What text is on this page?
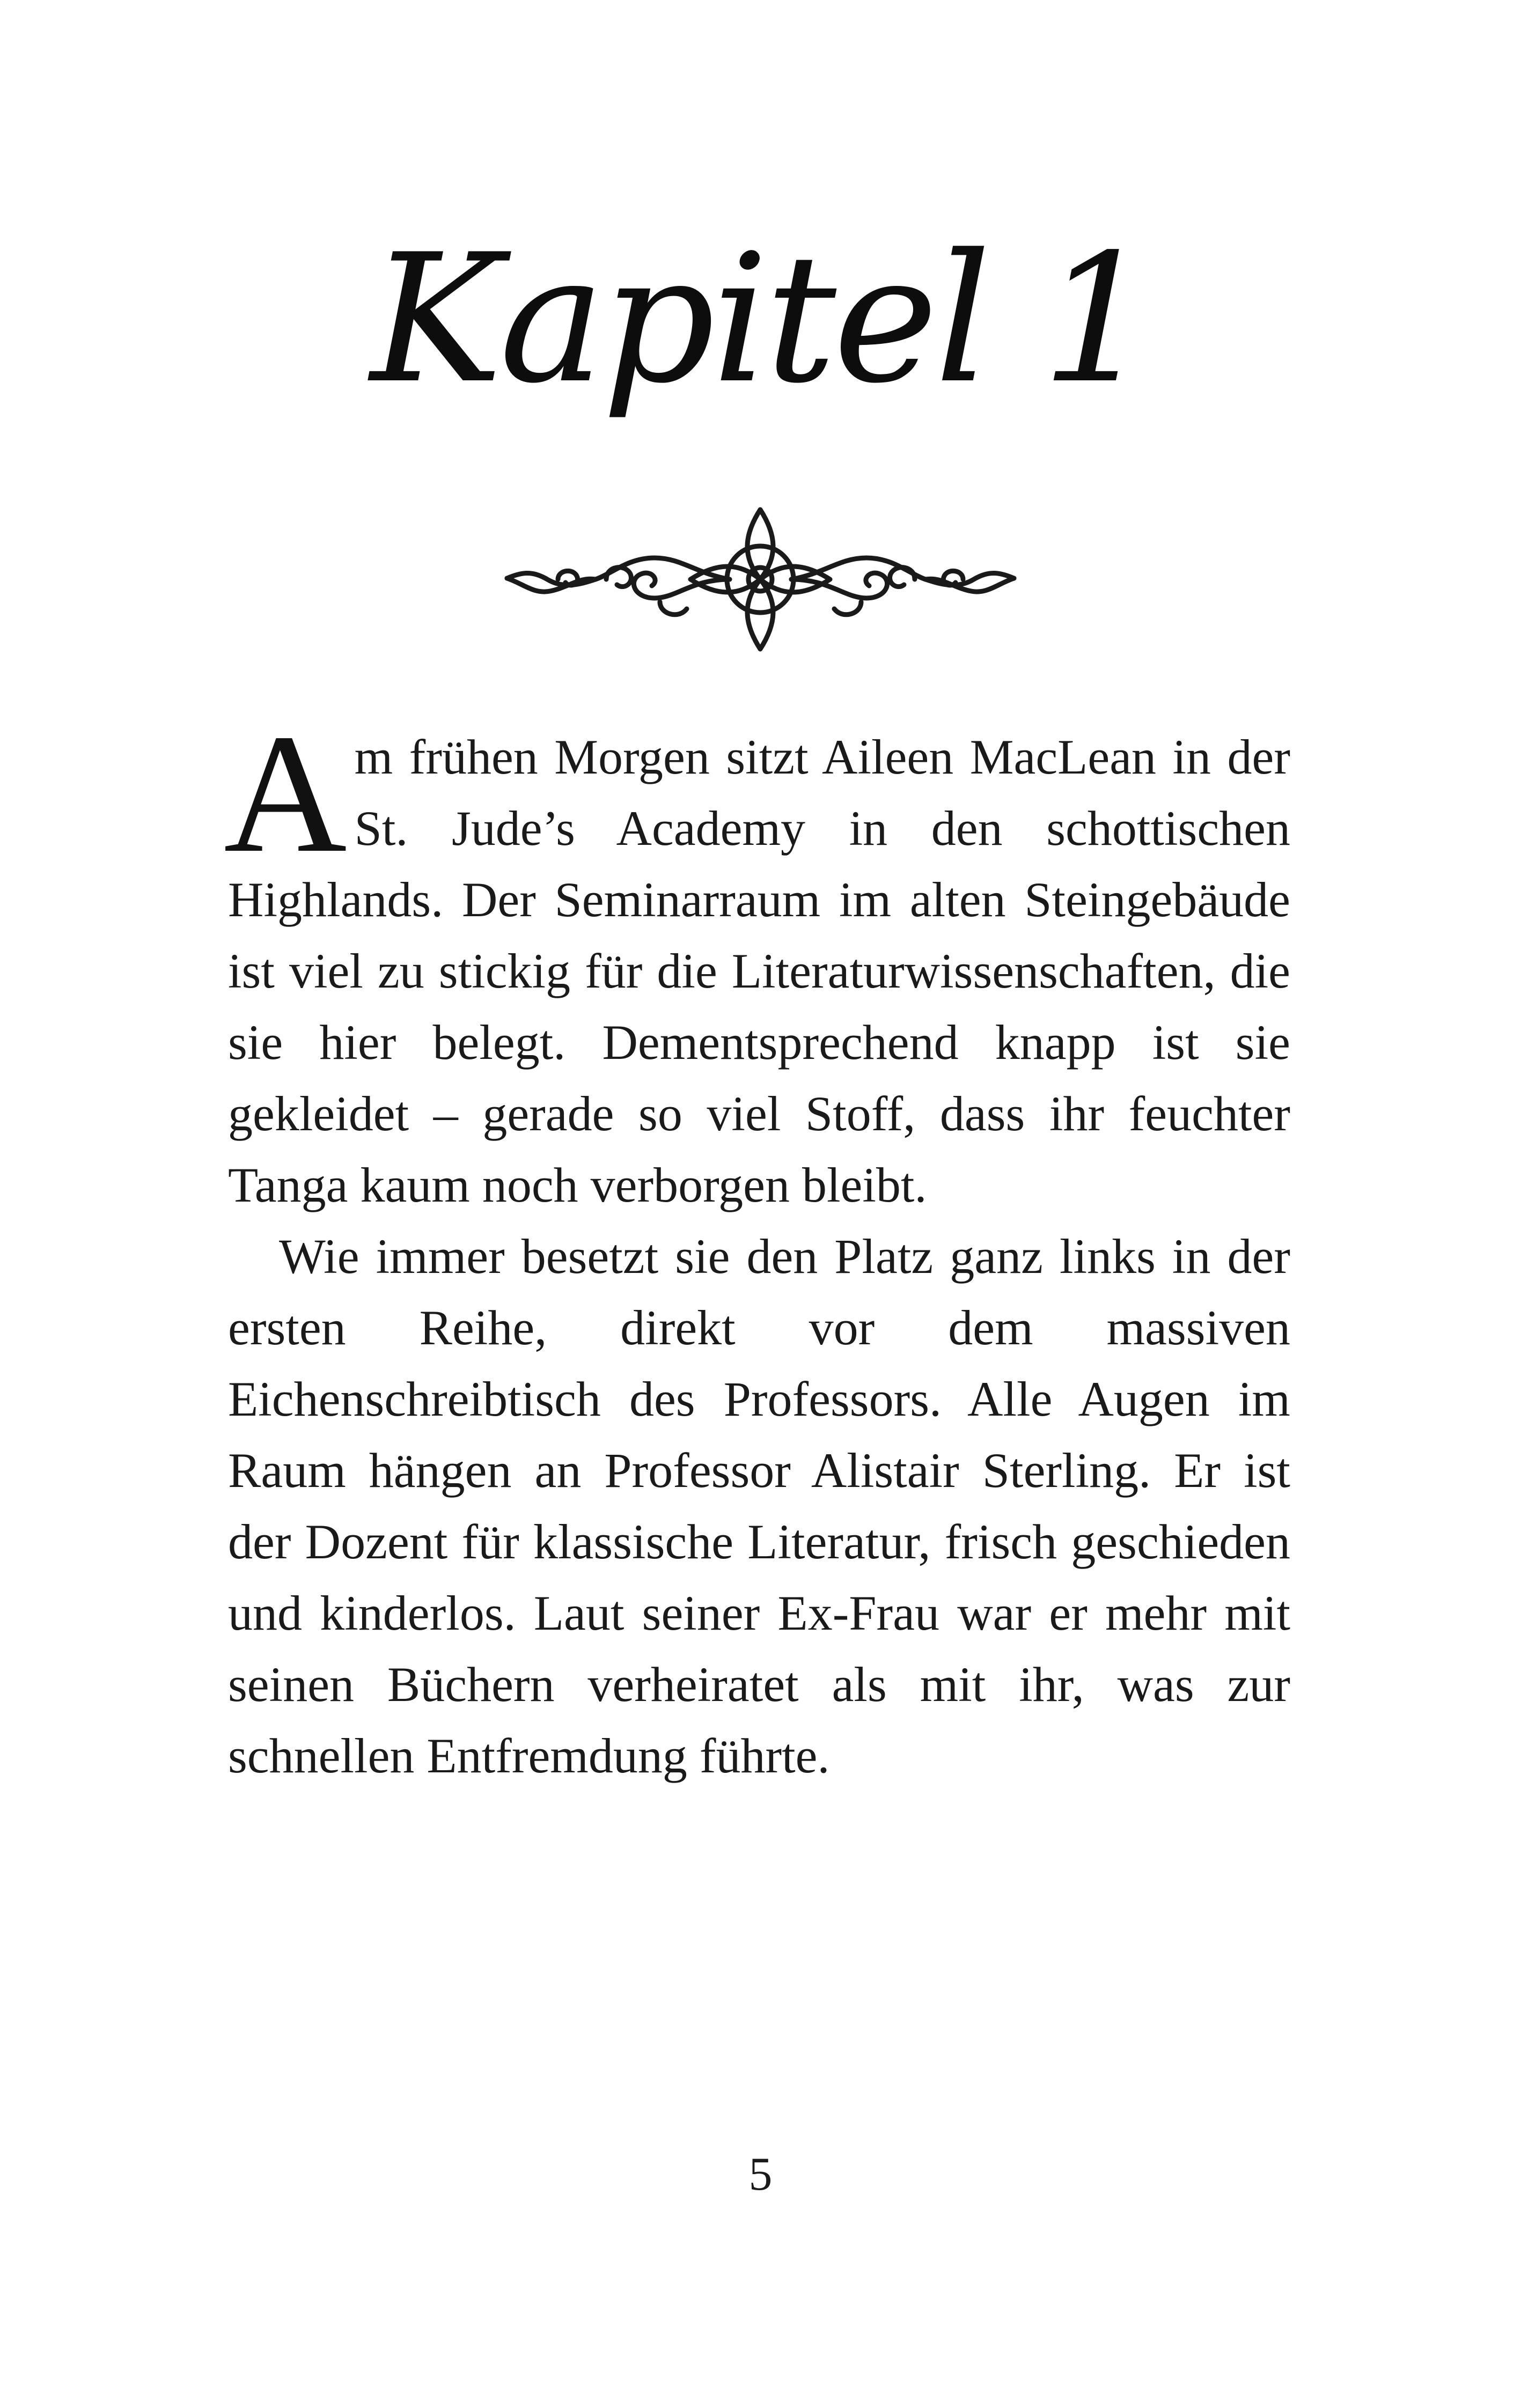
Kapitel 1

Am frühen Morgen sitzt Aileen MacLean in der St. Jude’s Academy in den schottischen Highlands. Der Seminarraum im alten Steingebäude ist viel zu stickig für die Literaturwissenschaften, die sie hier belegt. Dementsprechend knapp ist sie gekleidet – gerade so viel Stoff, dass ihr feuchter Tanga kaum noch verborgen bleibt.

Wie immer besetzt sie den Platz ganz links in der ersten Reihe, direkt vor dem massiven Eichenschreibtisch des Professors. Alle Augen im Raum hängen an Professor Alistair Sterling. Er ist der Dozent für klassische Literatur, frisch geschieden und kinderlos. Laut seiner Ex-Frau war er mehr mit seinen Büchern verheiratet als mit ihr, was zur schnellen Entfremdung führte.

5
